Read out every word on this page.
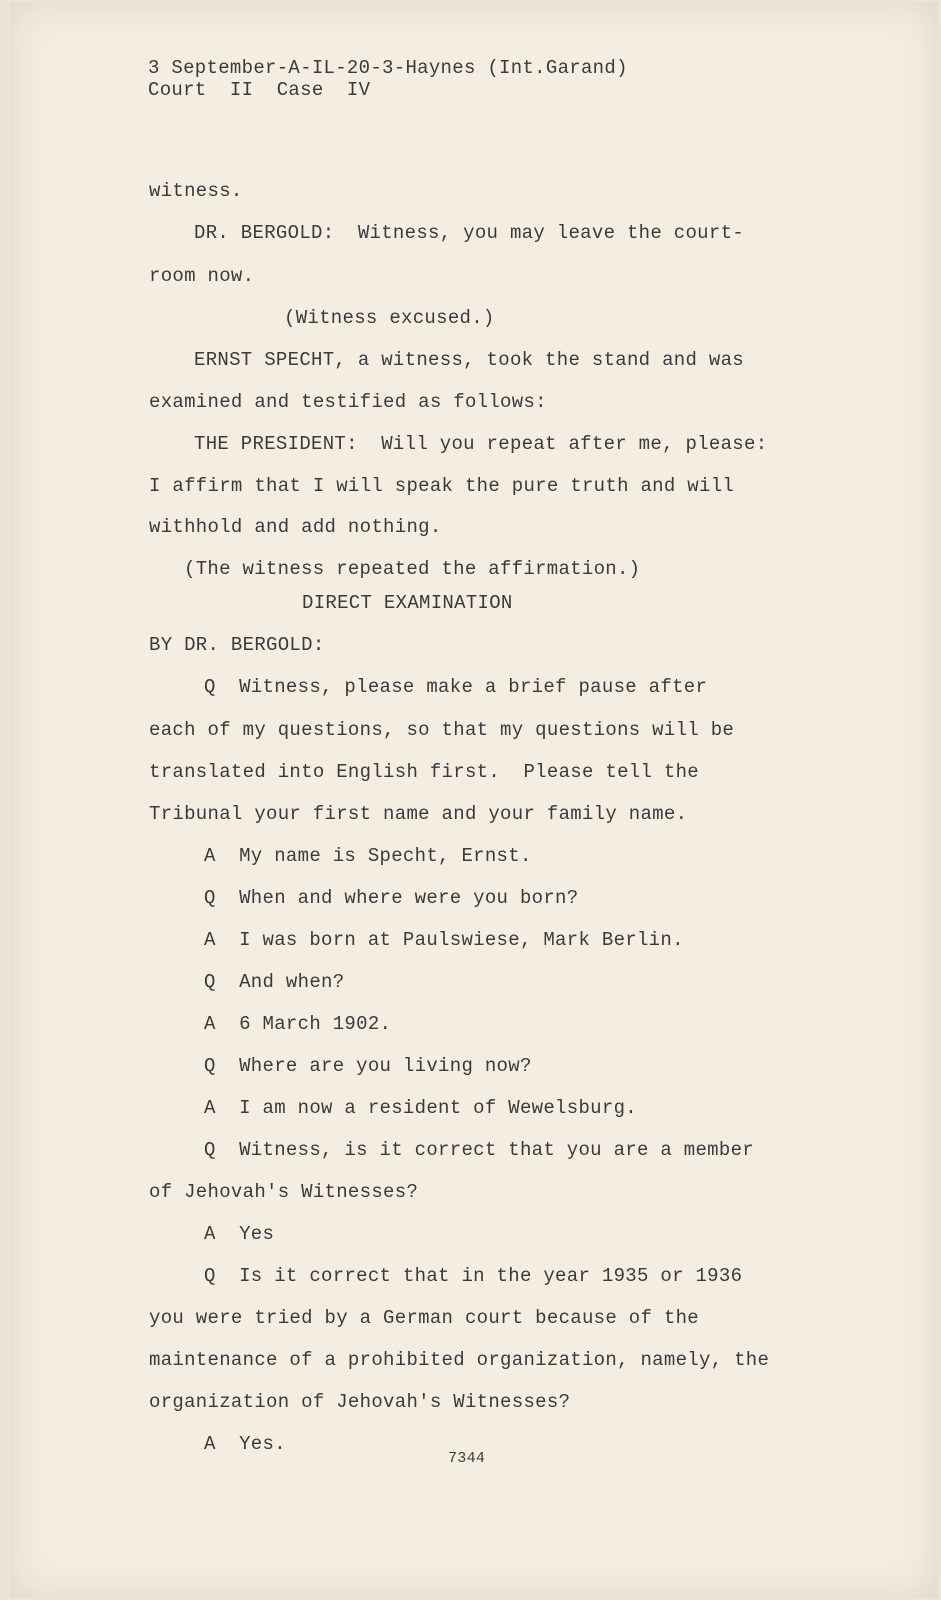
3 September-A-IL-20-3-Haynes (Int.Garand)
Court  II  Case  IV
witness.
DR. BERGOLD:  Witness, you may leave the court-
room now.
(Witness excused.)
ERNST SPECHT, a witness, took the stand and was
examined and testified as follows:
THE PRESIDENT:  Will you repeat after me, please:
I affirm that I will speak the pure truth and will
withhold and add nothing.
(The witness repeated the affirmation.)
DIRECT EXAMINATION
BY DR. BERGOLD:
Q  Witness, please make a brief pause after
each of my questions, so that my questions will be
translated into English first.  Please tell the
Tribunal your first name and your family name.
A  My name is Specht, Ernst.
Q  When and where were you born?
A  I was born at Paulswiese, Mark Berlin.
Q  And when?
A  6 March 1902.
Q  Where are you living now?
A  I am now a resident of Wewelsburg.
Q  Witness, is it correct that you are a member
of Jehovah's Witnesses?
A  Yes
Q  Is it correct that in the year 1935 or 1936
you were tried by a German court because of the
maintenance of a prohibited organization, namely, the
organization of Jehovah's Witnesses?
A  Yes.
7344
